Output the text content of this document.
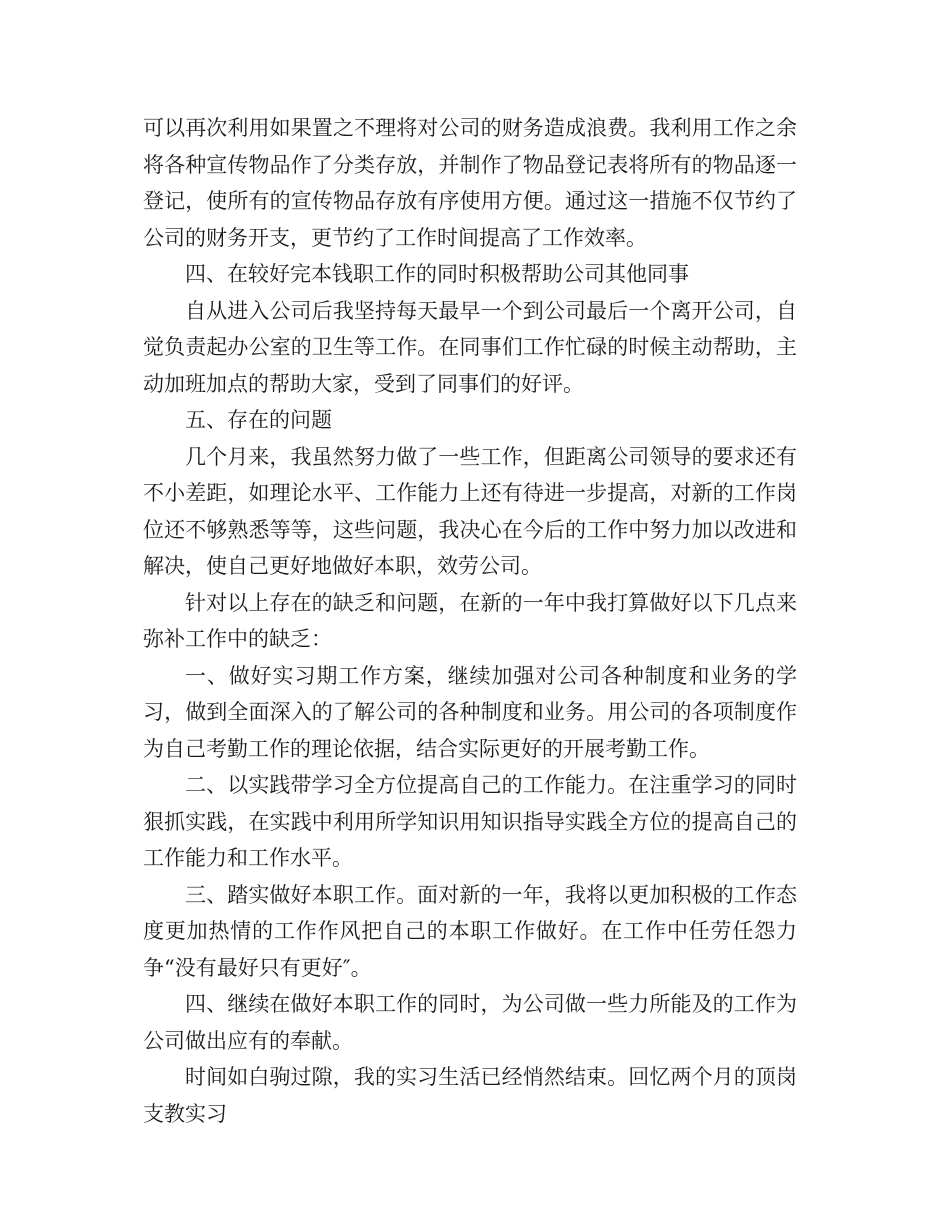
可以再次利用如果置之不理将对公司的财务造成浪费。我利用工作之余将各种宣传物品作了分类存放，并制作了物品登记表将所有的物品逐一登记，使所有的宣传物品存放有序使用方便。通过这一措施不仅节约了公司的财务开支，更节约了工作时间提高了工作效率。

四、在较好完本钱职工作的同时积极帮助公司其他同事

自从进入公司后我坚持每天最早一个到公司最后一个离开公司，自觉负责起办公室的卫生等工作。在同事们工作忙碌的时候主动帮助，主动加班加点的帮助大家，受到了同事们的好评。

五、存在的问题

几个月来，我虽然努力做了一些工作，但距离公司领导的要求还有不小差距，如理论水平、工作能力上还有待进一步提高，对新的工作岗位还不够熟悉等等，这些问题，我决心在今后的工作中努力加以改进和解决，使自己更好地做好本职，效劳公司。

针对以上存在的缺乏和问题，在新的一年中我打算做好以下几点来弥补工作中的缺乏：

一、做好实习期工作方案，继续加强对公司各种制度和业务的学习，做到全面深入的了解公司的各种制度和业务。用公司的各项制度作为自己考勤工作的理论依据，结合实际更好的开展考勤工作。

二、以实践带学习全方位提高自己的工作能力。在注重学习的同时狠抓实践，在实践中利用所学知识用知识指导实践全方位的提高自己的工作能力和工作水平。

三、踏实做好本职工作。面对新的一年，我将以更加积极的工作态度更加热情的工作作风把自己的本职工作做好。在工作中任劳任怨力争“没有最好只有更好″。

四、继续在做好本职工作的同时，为公司做一些力所能及的工作为公司做出应有的奉献。

时间如白驹过隙，我的实习生活已经悄然结束。回忆两个月的顶岗支教实习
